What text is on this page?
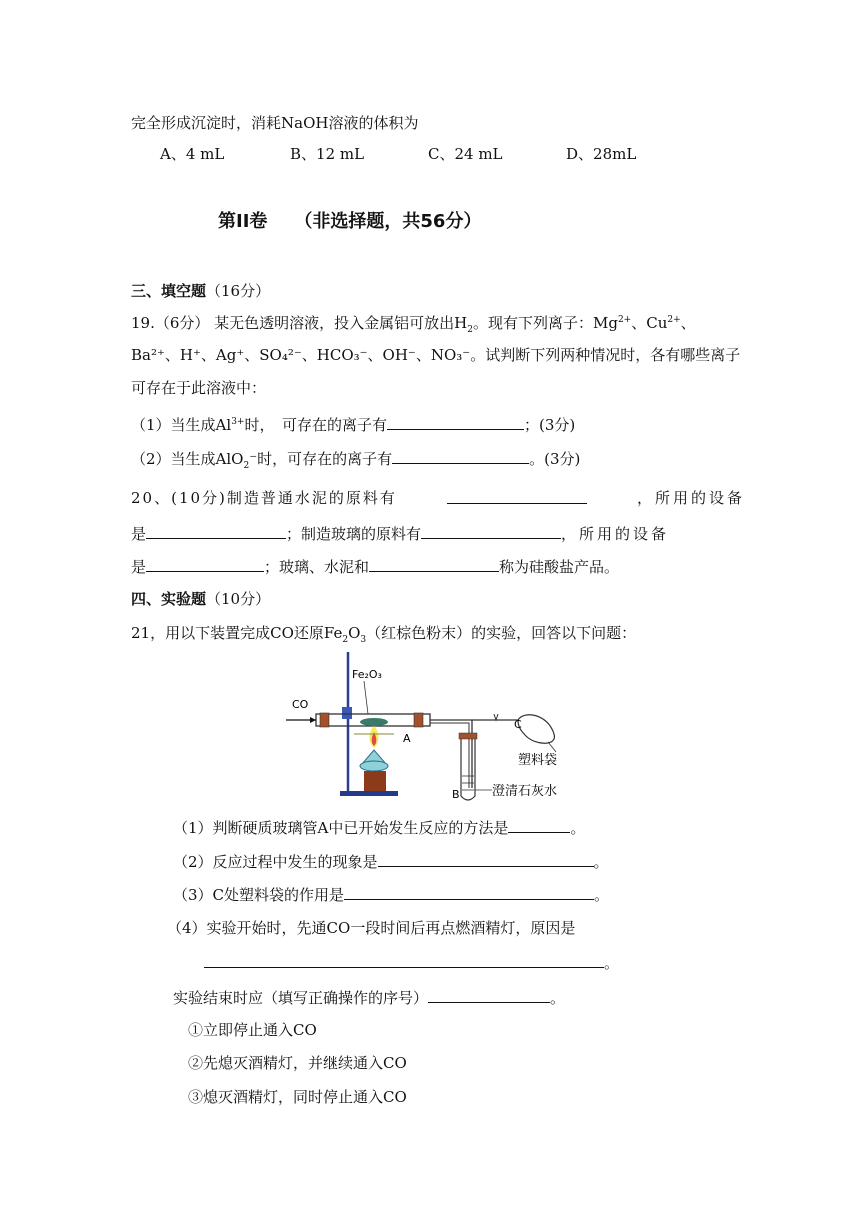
完全形成沉淀时，消耗NaOH溶液的体积为
A、4 mL	B、12 mL	C、24 mL	D、28mL
第II卷　　（非选择题，共56分）
三、填空题（16分）
19.（6分） 某无色透明溶液，投入金属铝可放出$H_2$。现有下列离子：$Mg^{2+}$、$Cu^{2+}$、
Ba²⁺、H⁺、Ag⁺、SO₄²⁻、HCO₃⁻、OH⁻、NO₃⁻。试判断下列两种情况时，各有哪些离子
可存在于此溶液中：
（1）当生成$Al^{3+}$时，　可存在的离子有	；(3分)
（2）当生成AlO$_2$⁻时，可存在的离子有	。(3分)
20、(10分)制造普通水泥的原料有	，所用的设备
是	；制造玻璃的原料有	，所用的设备
是	；玻璃、水泥和	称为硅酸盐产品。
四、实验题（10分）
21，用以下装置完成CO还原$Fe_2O_3$（红棕色粉末）的实验，回答以下问题：
CO
Fe₂O₃
A
B
C
塑料袋
澄清石灰水
（1）判断硬质玻璃管A中已开始发生反应的方法是	。
（2）反应过程中发生的现象是	。
（3）C处塑料袋的作用是	。
（4）实验开始时，先通CO一段时间后再点燃酒精灯，原因是
。
实验结束时应（填写正确操作的序号）	。
①立即停止通入CO
②先熄灭酒精灯，并继续通入CO
③熄灭酒精灯，同时停止通入CO
